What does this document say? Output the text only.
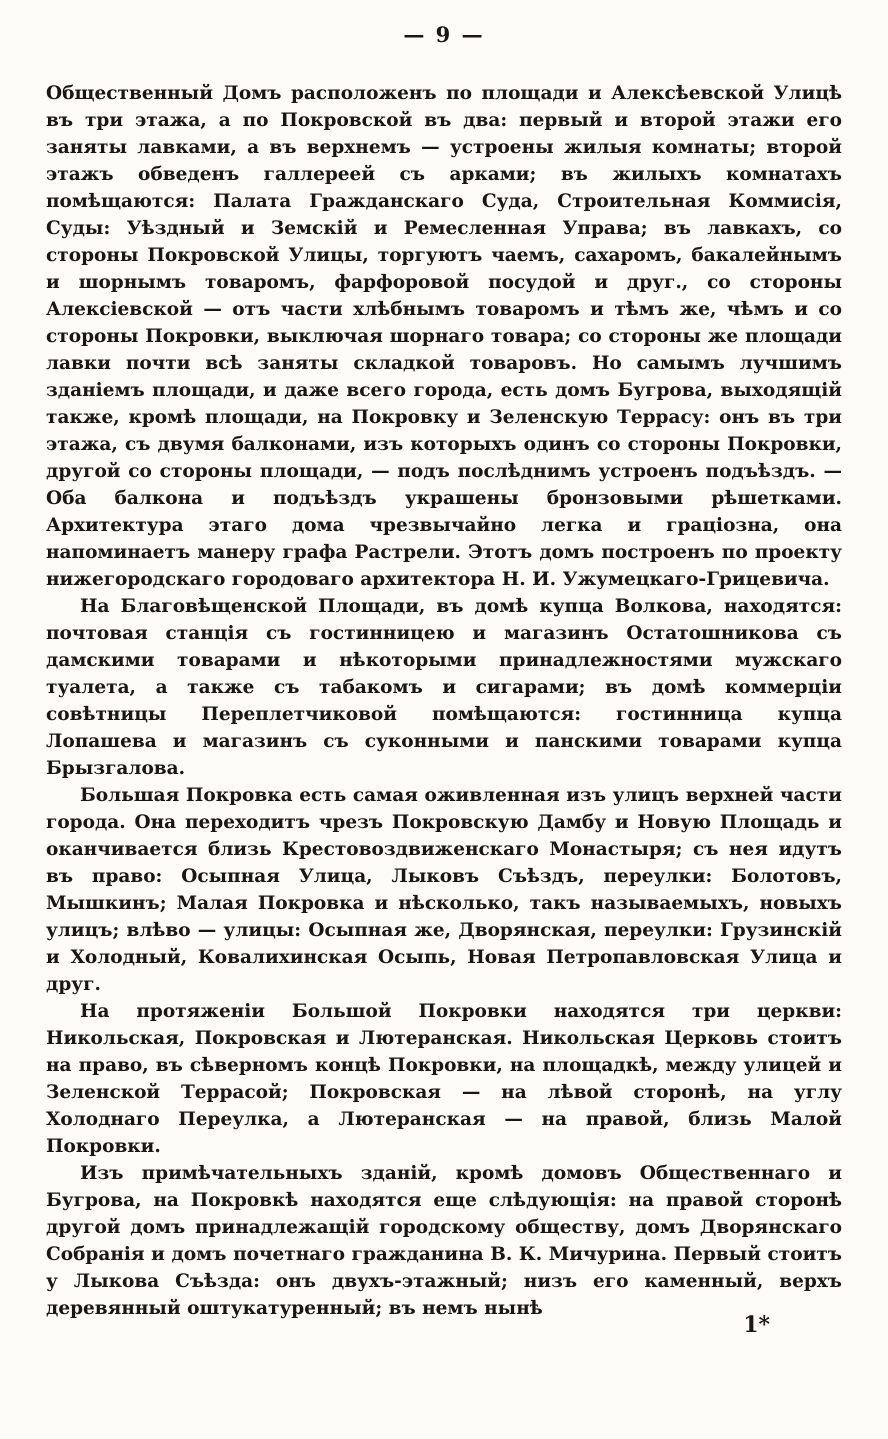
— 9 —

Общественный Домъ расположенъ по площади и Алексѣевской Улицѣ въ три этажа, а по Покровской въ два: первый и второй этажи его заняты лавками, а въ верхнемъ — устроены жилыя комнаты; второй этажъ обведенъ галлереей съ арками; въ жилыхъ комнатахъ помѣщаются: Палата Гражданскаго Суда, Строительная Коммисія, Суды: Уѣздный и Земскій и Ремесленная Управа; въ лавкахъ, со стороны Покровской Улицы, торгуютъ чаемъ, сахаромъ, бакалейнымъ и шорнымъ товаромъ, фарфоровой посудой и друг., со стороны Алексіевской — отъ части хлѣбнымъ товаромъ и тѣмъ же, чѣмъ и со стороны Покровки, выключая шорнаго товара; со стороны же площади лавки почти всѣ заняты складкой товаровъ. Но самымъ лучшимъ зданіемъ площади, и даже всего города, есть домъ Бугрова, выходящій также, кромѣ площади, на Покровку и Зеленскую Террасу: онъ въ три этажа, съ двумя балконами, изъ которыхъ одинъ со стороны Покровки, другой со стороны площади, — подъ послѣднимъ устроенъ подъѣздъ. — Оба балкона и подъѣздъ украшены бронзовыми рѣшетками. Архитектура этаго дома чрезвычайно легка и граціозна, она напоминаетъ манеру графа Растрели. Этотъ домъ построенъ по проекту нижегородскаго городоваго архитектора Н. И. Ужумецкаго-Грицевича.

На Благовѣщенской Площади, въ домѣ купца Волкова, находятся: почтовая станція съ гостинницею и магазинъ Остатошникова съ дамскими товарами и нѣкоторыми принадлежностями мужскаго туалета, а также съ табакомъ и сигарами; въ домѣ коммерціи совѣтницы Переплетчиковой помѣщаются: гостинница купца Лопашева и магазинъ съ суконными и панскими товарами купца Брызгалова.

Большая Покровка есть самая оживленная изъ улицъ верхней части города. Она переходитъ чрезъ Покровскую Дамбу и Новую Площадь и оканчивается близь Крестовоздвиженскаго Монастыря; съ нея идутъ въ право: Осыпная Улица, Лыковъ Съѣздъ, переулки: Болотовъ, Мышкинъ; Малая Покровка и нѣсколько, такъ называемыхъ, новыхъ улицъ; влѣво — улицы: Осыпная же, Дворянская, переулки: Грузинскій и Холодный, Ковалихинская Осыпь, Новая Петропавловская Улица и друг.

На протяженіи Большой Покровки находятся три церкви: Никольская, Покровская и Лютеранская. Никольская Церковь стоитъ на право, въ сѣверномъ концѣ Покровки, на площадкѣ, между улицей и Зеленской Террасой; Покровская — на лѣвой сторонѣ, на углу Холоднаго Переулка, а Лютеранская — на правой, близь Малой Покровки.

Изъ примѣчательныхъ зданій, кромѣ домовъ Общественнаго и Бугрова, на Покровкѣ находятся еще слѣдующія: на правой сторонѣ другой домъ принадлежащій городскому обществу, домъ Дворянскаго Собранія и домъ почетнаго гражданина В. К. Мичурина. Первый стоитъ у Лыкова Съѣзда: онъ двухъ-этажный; низъ его каменный, верхъ деревянный оштукатуренный; въ немъ нынѣ

1*
